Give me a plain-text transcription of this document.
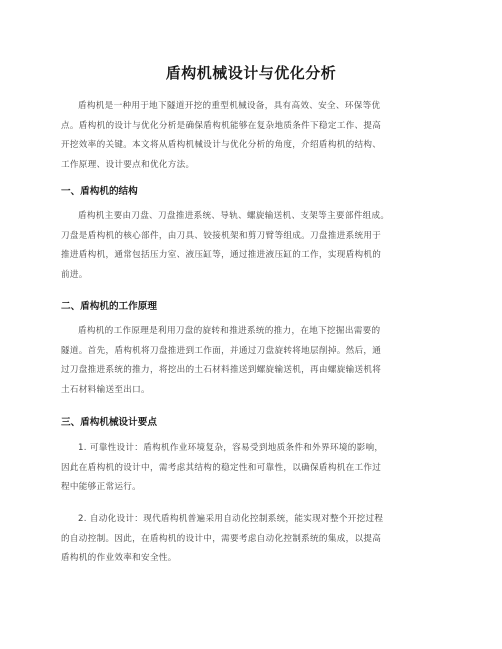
盾构机械设计与优化分析
盾构机是一种用于地下隧道开挖的重型机械设备，具有高效、安全、环保等优
点。盾构机的设计与优化分析是确保盾构机能够在复杂地质条件下稳定工作、提高
开挖效率的关键。本文将从盾构机械设计与优化分析的角度，介绍盾构机的结构、
工作原理、设计要点和优化方法。
一、盾构机的结构
盾构机主要由刀盘、刀盘推进系统、导轨、螺旋输送机、支架等主要部件组成。
刀盘是盾构机的核心部件，由刀具、铰接机架和剪刀臂等组成。刀盘推进系统用于
推进盾构机，通常包括压力室、液压缸等，通过推进液压缸的工作，实现盾构机的
前进。
二、盾构机的工作原理
盾构机的工作原理是利用刀盘的旋转和推进系统的推力，在地下挖掘出需要的
隧道。首先，盾构机将刀盘推进到工作面，并通过刀盘旋转将地层削掉。然后，通
过刀盘推进系统的推力，将挖出的土石材料推送到螺旋输送机，再由螺旋输送机将
土石材料输送至出口。
三、盾构机械设计要点
1. 可靠性设计：盾构机作业环境复杂，容易受到地质条件和外界环境的影响，
因此在盾构机的设计中，需考虑其结构的稳定性和可靠性，以确保盾构机在工作过
程中能够正常运行。
2. 自动化设计：现代盾构机普遍采用自动化控制系统，能实现对整个开挖过程
的自动控制。因此，在盾构机的设计中，需要考虑自动化控制系统的集成，以提高
盾构机的作业效率和安全性。
